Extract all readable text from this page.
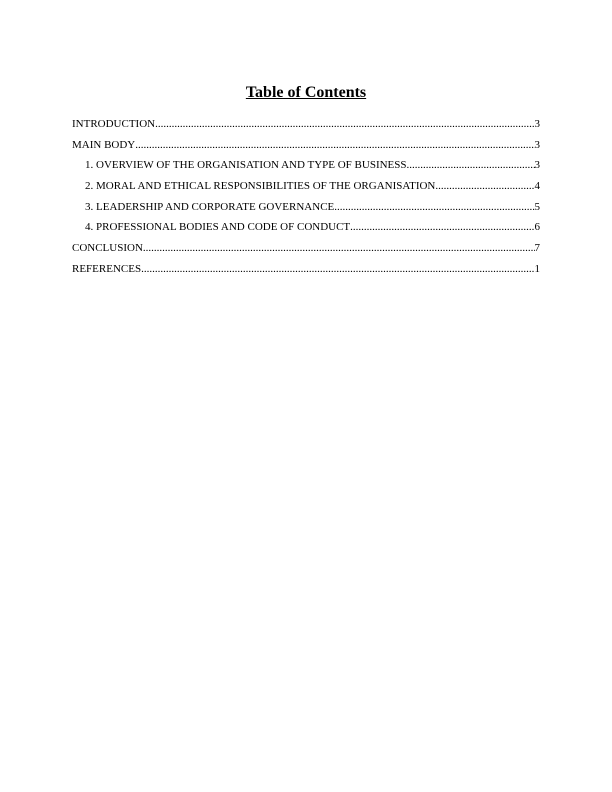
Table of Contents
INTRODUCTION .....	3
MAIN BODY .....	3
1. OVERVIEW OF THE ORGANISATION AND TYPE OF BUSINESS .....	3
2. MORAL AND ETHICAL RESPONSIBILITIES OF THE ORGANISATION .....	4
3. LEADERSHIP AND CORPORATE GOVERNANCE .....	5
4. PROFESSIONAL BODIES AND CODE OF CONDUCT .....	6
CONCLUSION .....	7
REFERENCES .....	1
